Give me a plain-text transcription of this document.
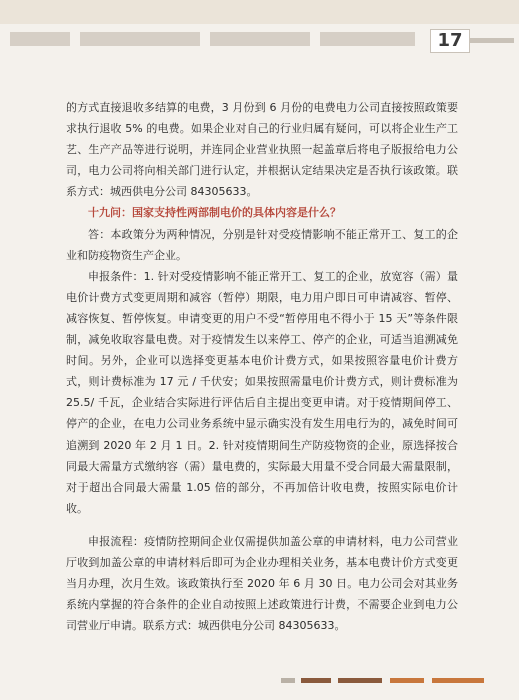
17

的方式直接退收多结算的电费，3 月份到 6 月份的电费电力公司直接按照政策要求执行退收 5% 的电费。如果企业对自己的行业归属有疑问，可以将企业生产工艺、生产产品等进行说明，并连同企业营业执照一起盖章后将电子版报给电力公司，电力公司将向相关部门进行认定，并根据认定结果决定是否执行该政策。联系方式：城西供电分公司 84305633。

十九问：国家支持性两部制电价的具体内容是什么？

答：本政策分为两种情况，分别是针对受疫情影响不能正常开工、复工的企业和防疫物资生产企业。

申报条件：1. 针对受疫情影响不能正常开工、复工的企业，放宽容（需）量电价计费方式变更周期和减容（暂停）期限，电力用户即日可申请减容、暂停、减容恢复、暂停恢复。申请变更的用户不受“暂停用电不得小于 15 天”等条件限制，减免收取容量电费。对于疫情发生以来停工、停产的企业，可适当追溯减免时间。另外，企业可以选择变更基本电价计费方式，如果按照容量电价计费方式，则计费标准为 17 元 / 千伏安；如果按照需量电价计费方式，则计费标准为 25.5/ 千瓦，企业结合实际进行评估后自主提出变更申请。对于疫情期间停工、停产的企业，在电力公司业务系统中显示确实没有发生用电行为的，减免时间可追溯到 2020 年 2 月 1 日。2. 针对疫情期间生产防疫物资的企业，原选择按合同最大需量方式缴纳容（需）量电费的，实际最大用量不受合同最大需量限制，对于超出合同最大需量 1.05 倍的部分，不再加倍计收电费，按照实际电价计收。

申报流程：疫情防控期间企业仅需提供加盖公章的申请材料，电力公司营业厅收到加盖公章的申请材料后即可为企业办理相关业务，基本电费计价方式变更当月办理，次月生效。该政策执行至 2020 年 6 月 30 日。电力公司会对其业务系统内掌握的符合条件的企业自动按照上述政策进行计费，不需要企业到电力公司营业厅申请。联系方式：城西供电分公司 84305633。
